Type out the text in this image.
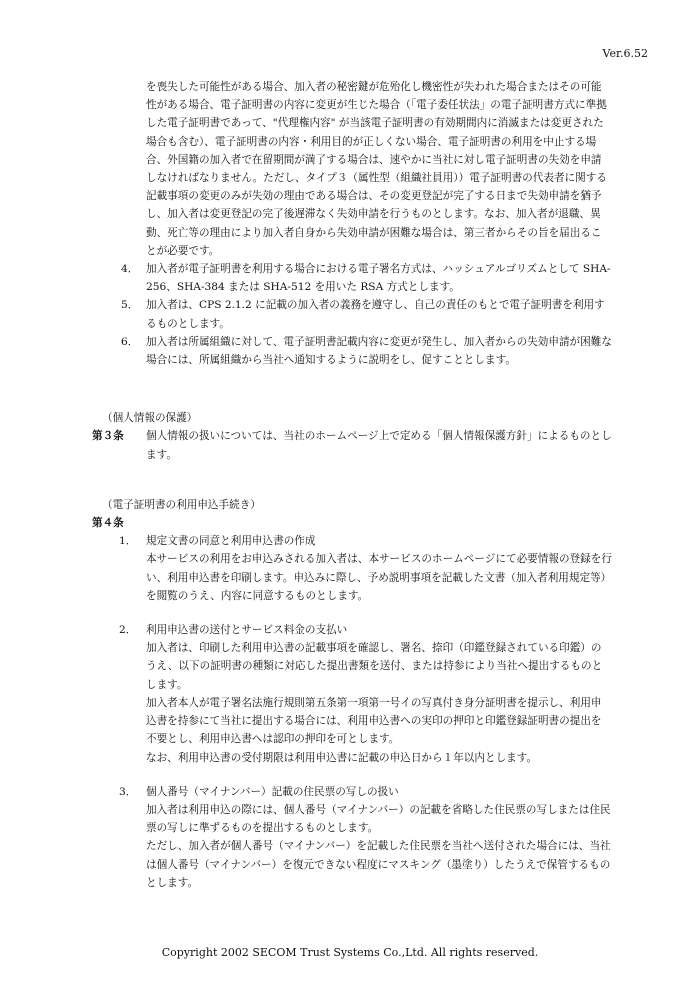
Ver.6.52

を喪失した可能性がある場合、加入者の秘密鍵が危殆化し機密性が失われた場合またはその可能性がある場合、電子証明書の内容に変更が生じた場合（「電子委任状法」の電子証明書方式に準拠した電子証明書であって、"代理権内容" が当該電子証明書の有効期間内に消滅または変更された場合も含む）、電子証明書の内容・利用目的が正しくない場合、電子証明書の利用を中止する場合、外国籍の加入者で在留期間が満了する場合は、速やかに当社に対し電子証明書の失効を申請しなければなりません。ただし、タイプ３（属性型（組織社員用））電子証明書の代表者に関する記載事項の変更のみが失効の理由である場合は、その変更登記が完了する日まで失効申請を猶予し、加入者は変更登記の完了後遅滞なく失効申請を行うものとします。なお、加入者が退職、異動、死亡等の理由により加入者自身から失効申請が困難な場合は、第三者からその旨を届出ることが必要です。

4． 加入者が電子証明書を利用する場合における電子署名方式は、ハッシュアルゴリズムとして SHA-256、SHA-384 または SHA-512 を用いた RSA 方式とします。
5． 加入者は、CPS 2.1.2 に記載の加入者の義務を遵守し、自己の責任のもとで電子証明書を利用するものとします。
6． 加入者は所属組織に対して、電子証明書記載内容に変更が発生し、加入者からの失効申請が困難な場合には、所属組織から当社へ通知するように説明をし、促すこととします。

（個人情報の保護）

第３条 個人情報の扱いについては、当社のホームページ上で定める「個人情報保護方針」によるものとします。

（電子証明書の利用申込手続き）

第４条

1． 規定文書の同意と利用申込書の作成

本サービスの利用をお申込みされる加入者は、本サービスのホームページにて必要情報の登録を行い、利用申込書を印刷します。申込みに際し、予め説明事項を記載した文書（加入者利用規定等）を閲覧のうえ、内容に同意するものとします。

2． 利用申込書の送付とサービス料金の支払い

加入者は、印刷した利用申込書の記載事項を確認し、署名、捺印（印鑑登録されている印鑑）のうえ、以下の証明書の種類に対応した提出書類を送付、または持参により当社へ提出するものとします。

加入者本人が電子署名法施行規則第五条第一項第一号イの写真付き身分証明書を提示し、利用申込書を持参にて当社に提出する場合には、利用申込書への実印の押印と印鑑登録証明書の提出を不要とし、利用申込書へは認印の押印を可とします。

なお、利用申込書の受付期限は利用申込書に記載の申込日から１年以内とします。

3． 個人番号（マイナンバー）記載の住民票の写しの扱い

加入者は利用申込の際には、個人番号（マイナンバー）の記載を省略した住民票の写しまたは住民票の写しに準ずるものを提出するものとします。

ただし、加入者が個人番号（マイナンバー）を記載した住民票を当社へ送付された場合には、当社は個人番号（マイナンバー）を復元できない程度にマスキング（墨塗り）したうえで保管するものとします。

Copyright 2002 SECOM Trust Systems Co.,Ltd. All rights reserved.
